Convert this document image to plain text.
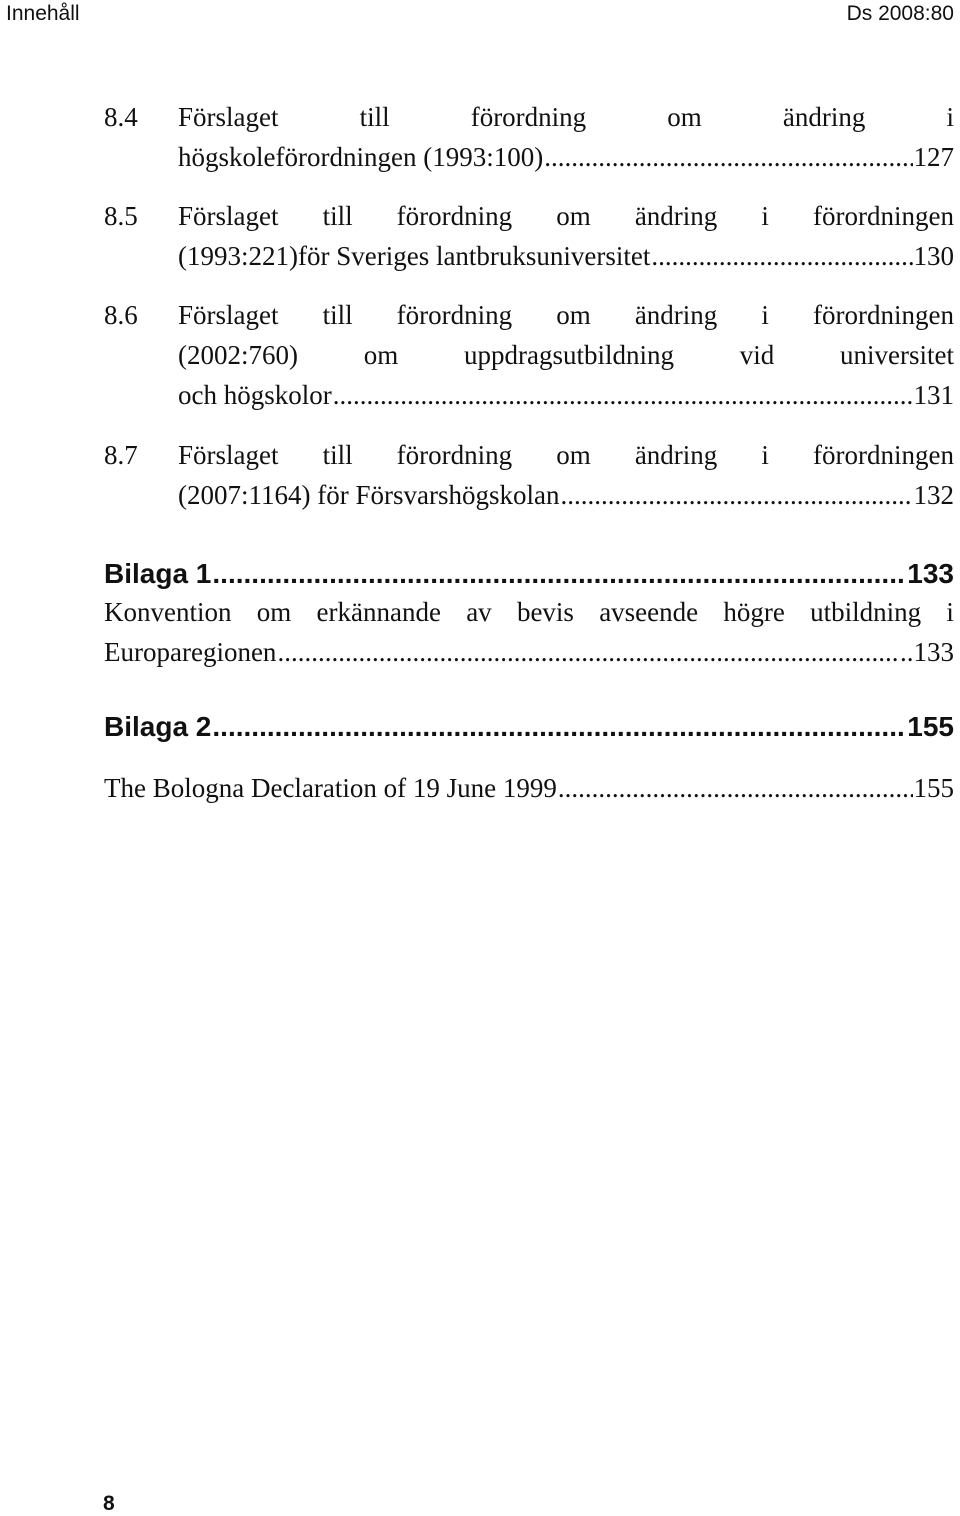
Innehåll	Ds 2008:80
8.4 Förslaget	till	förordning	om	ändring	i
högskoleförordningen (1993:100) .....	127
8.5 Förslaget till förordning om ändring i förordningen
(1993:221)för Sveriges lantbruksuniversitet .....	130
8.6 Förslaget till förordning om ändring i förordningen
(2002:760) om uppdragsutbildning vid universitet
och högskolor .....	131
8.7 Förslaget till förordning om ändring i förordningen
(2007:1164) för Försvarshögskolan .....	132
Bilaga 1 .....	133
Konvention om erkännande av bevis avseende högre utbildning i
Europaregionen .....	..133
Bilaga 2 .....	155
The Bologna Declaration of 19 June 1999 .....	155
8
